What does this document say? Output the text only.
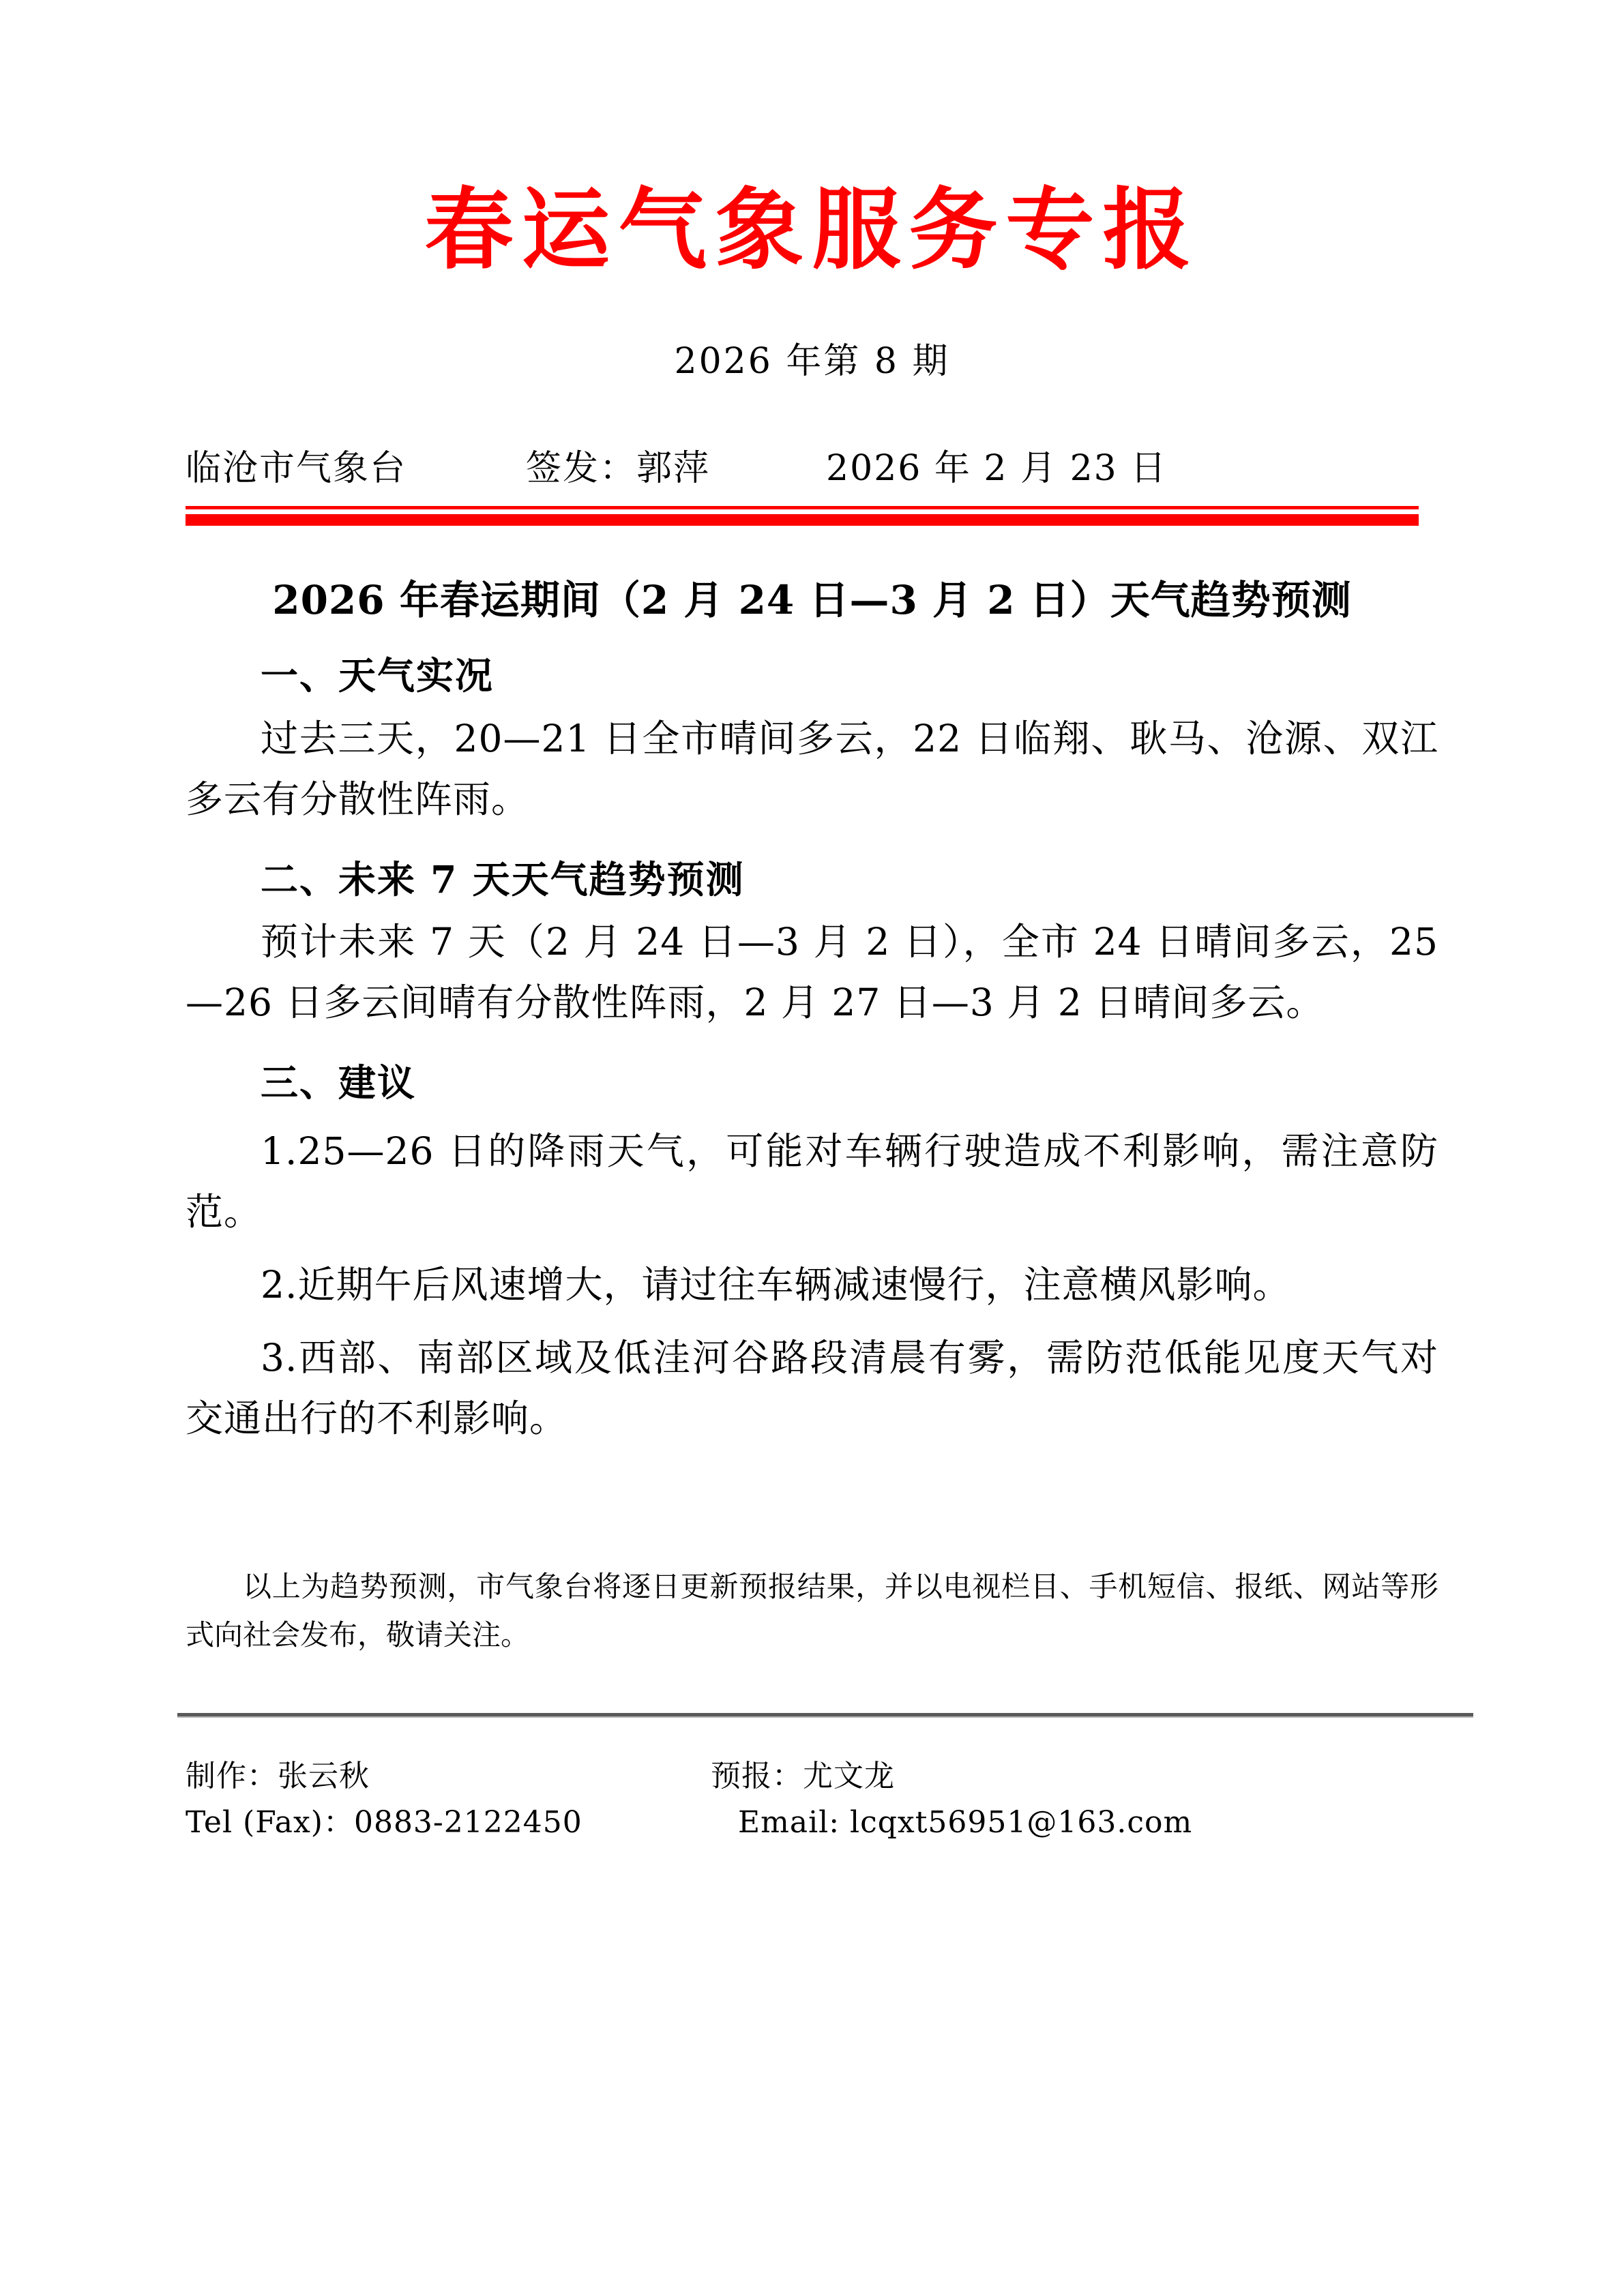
春运气象服务专报
2026 年第 8 期
临沧市气象台	签发：郭萍	2026 年 2 月 23 日
2026 年春运期间（2 月 24 日—3 月 2 日）天气趋势预测
一、天气实况

过去三天，20—21 日全市晴间多云，22 日临翔、耿马、沧源、双江多云有分散性阵雨。

二、未来 7 天天气趋势预测

预计未来 7 天（2 月 24 日—3 月 2 日），全市 24 日晴间多云，25—26 日多云间晴有分散性阵雨，2 月 27 日—3 月 2 日晴间多云。

三、建议
1.25—26 日的降雨天气，可能对车辆行驶造成不利影响，需注意防范。
2.近期午后风速增大，请过往车辆减速慢行，注意横风影响。
3.西部、南部区域及低洼河谷路段清晨有雾，需防范低能见度天气对交通出行的不利影响。

以上为趋势预测，市气象台将逐日更新预报结果，并以电视栏目、手机短信、报纸、网站等形式向社会发布，敬请关注。

制作：张云秋	预报：尤文龙
Tel (Fax)：0883-2122450	Email: lcqxt56951@163.com
